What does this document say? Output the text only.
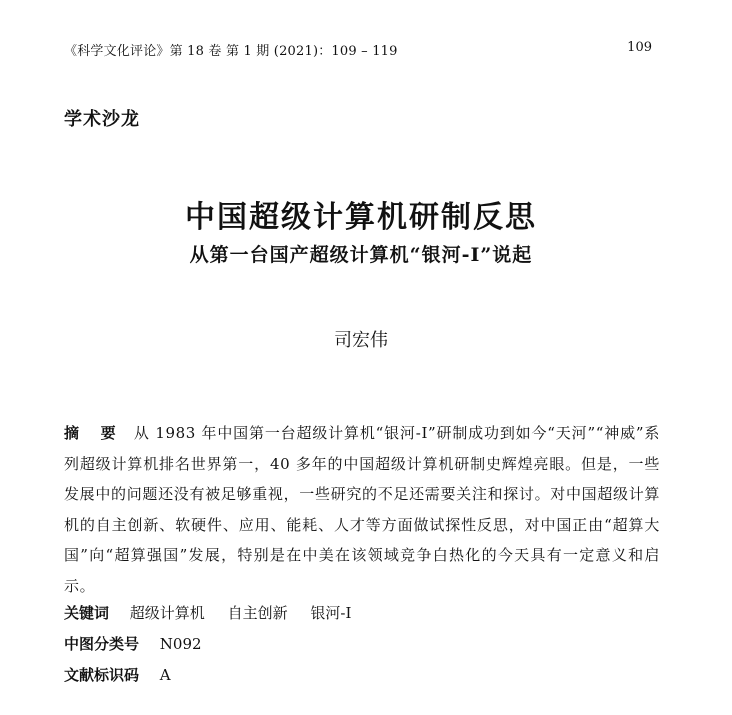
《科学文化评论》第 18 卷 第 1 期 (2021)：109 – 119	109
学术沙龙
中国超级计算机研制反思
从第一台国产超级计算机“银河-I”说起
司宏伟
摘 要 从 1983 年中国第一台超级计算机“银河-I”研制成功到如今“天河”“神威”系列超级计算机排名世界第一，40 多年的中国超级计算机研制史辉煌亮眼。但是，一些发展中的问题还没有被足够重视，一些研究的不足还需要关注和探讨。对中国超级计算机的自主创新、软硬件、应用、能耗、人才等方面做试探性反思，对中国正由“超算大国”向“超算强国”发展，特别是在中美在该领域竞争白热化的今天具有一定意义和启示。
关键词 超级计算机 自主创新 银河-I
中图分类号 N092
文献标识码 A
